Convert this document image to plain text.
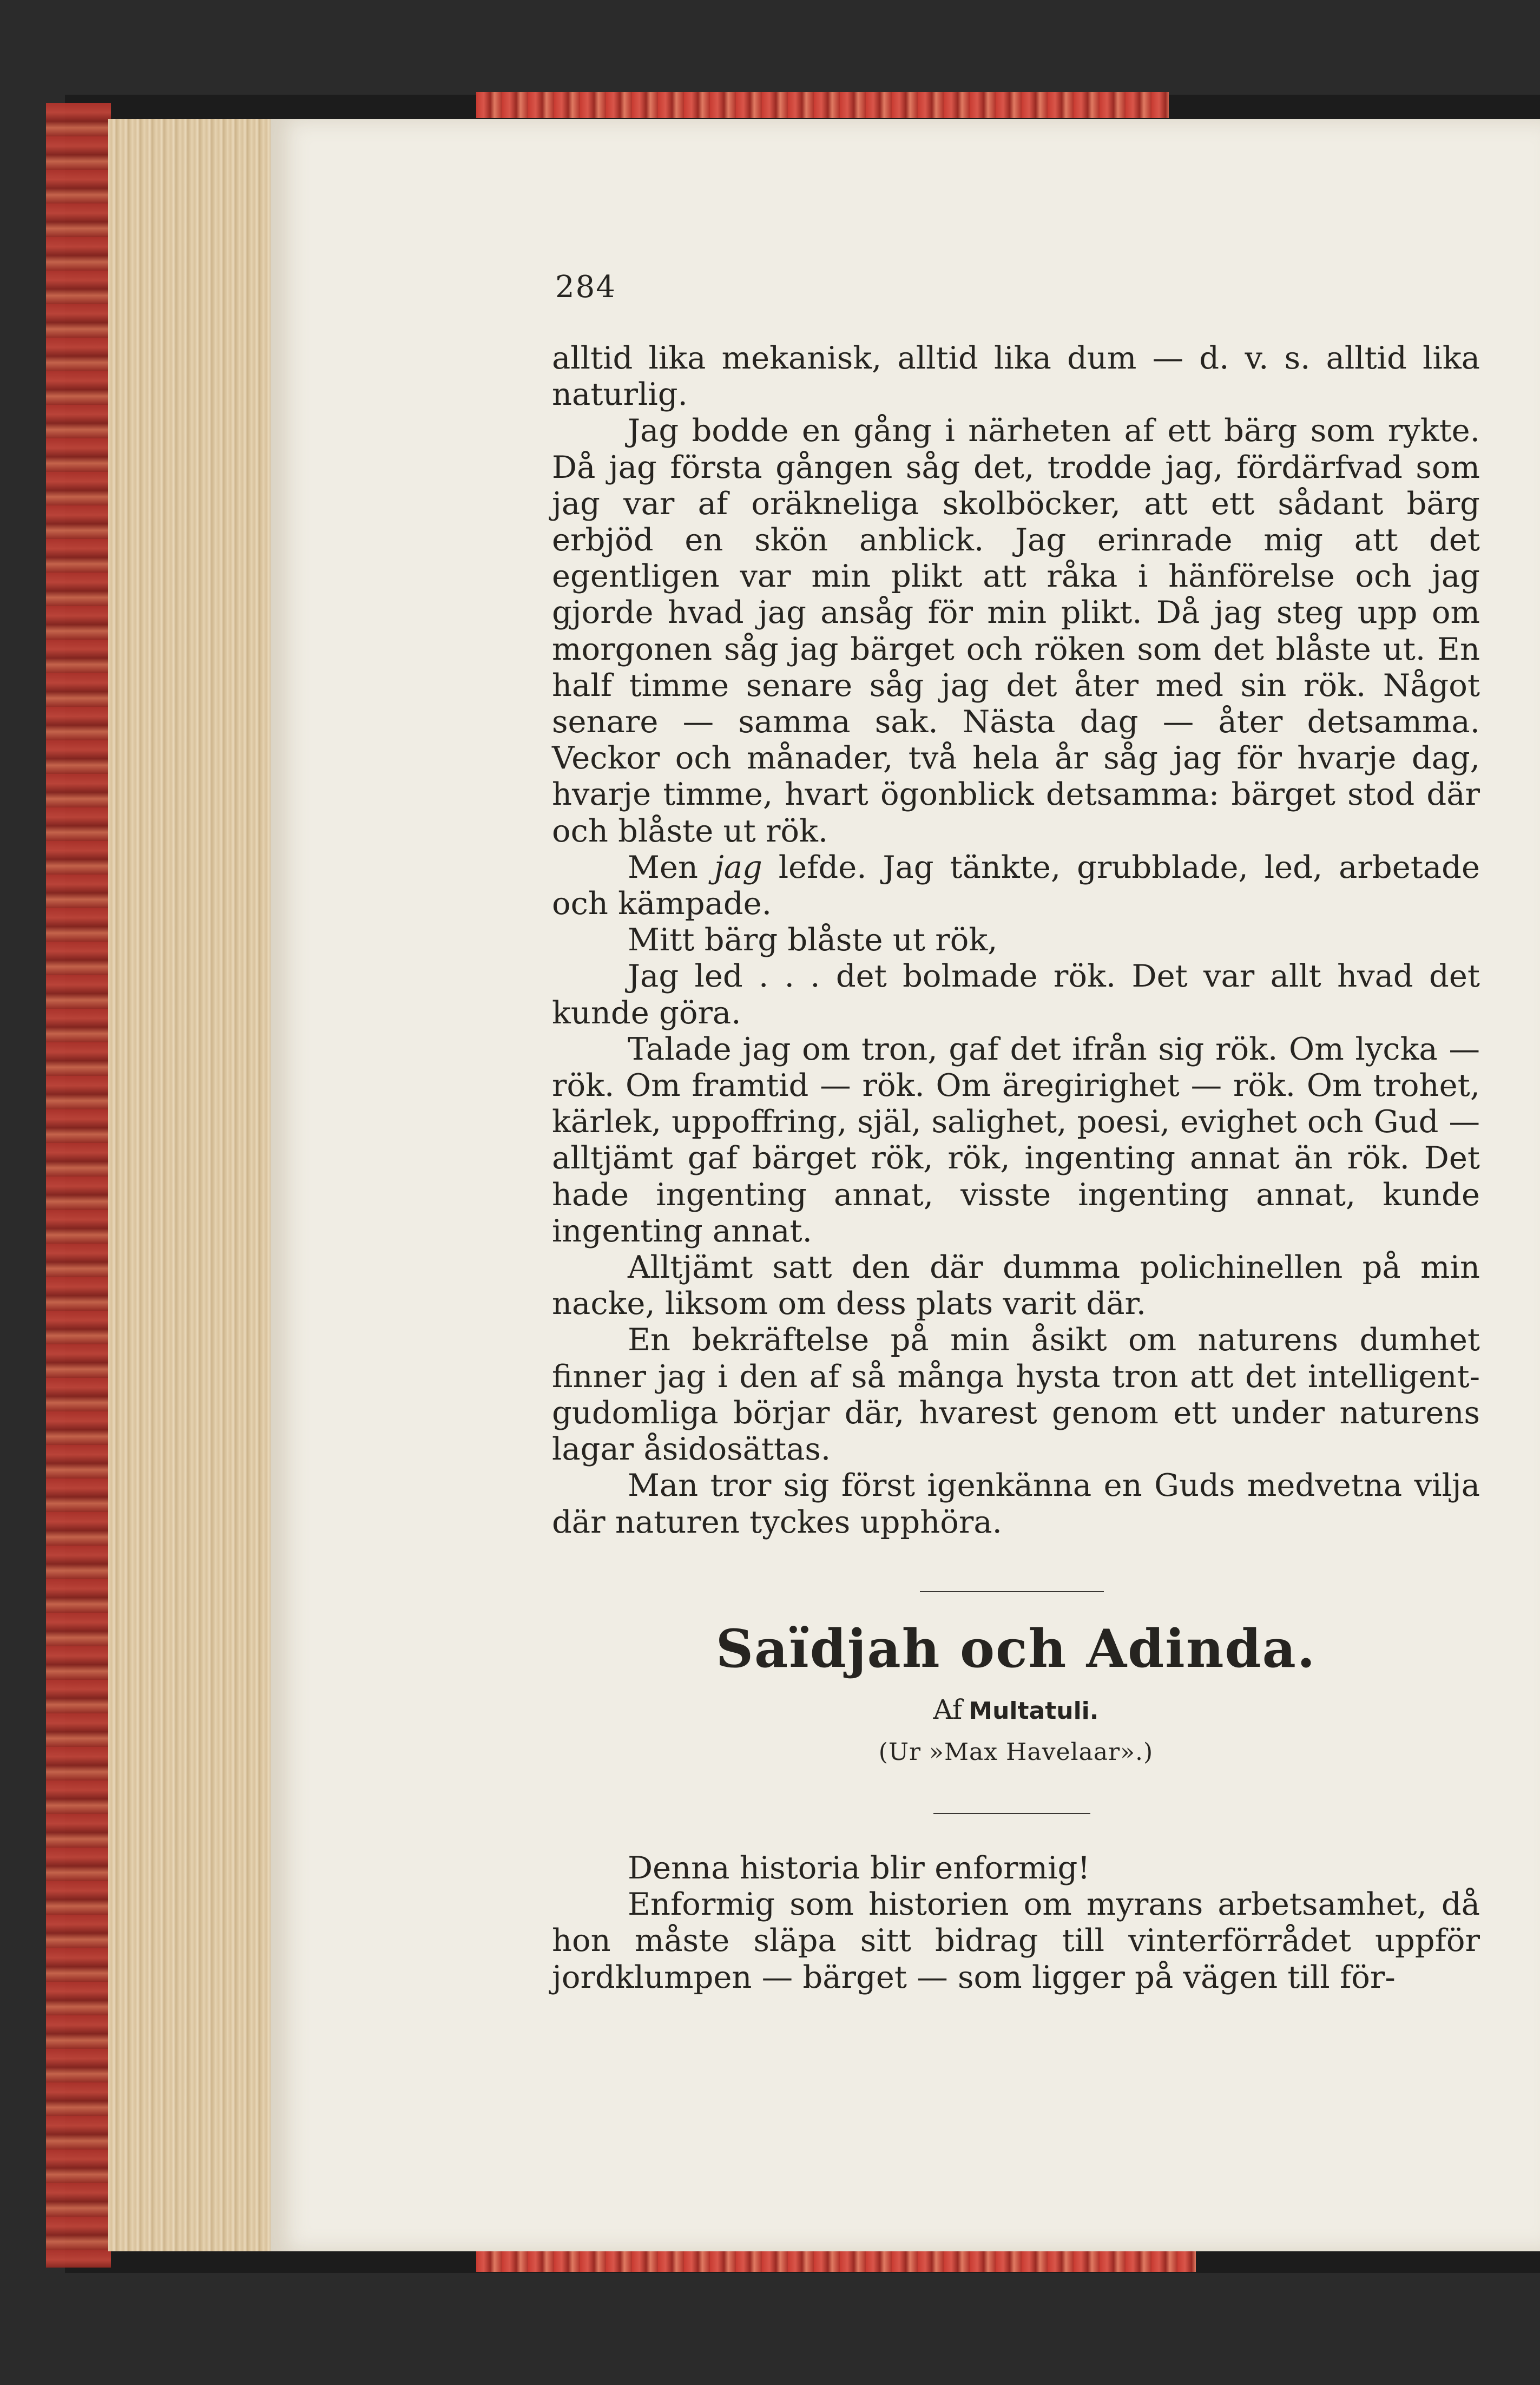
284

alltid lika mekanisk, alltid lika dum — d. v. s. alltid lika naturlig.

Jag bodde en gång i närheten af ett bärg som rykte. Då jag första gången såg det, trodde jag, fördärfvad som jag var af oräkneliga skolböcker, att ett sådant bärg erbjöd en skön anblick. Jag erinrade mig att det egentligen var min plikt att råka i hänförelse och jag gjorde hvad jag ansåg för min plikt. Då jag steg upp om morgonen såg jag bärget och röken som det blåste ut. En half timme senare såg jag det åter med sin rök. Något senare — samma sak. Nästa dag — åter detsamma. Veckor och månader, två hela år såg jag för hvarje dag, hvarje timme, hvart ögonblick detsamma: bärget stod där och blåste ut rök.

Men jag lefde. Jag tänkte, grubblade, led, arbetade och kämpade.

Mitt bärg blåste ut rök,

Jag led . . . det bolmade rök. Det var allt hvad det kunde göra.

Talade jag om tron, gaf det ifrån sig rök. Om lycka — rök. Om framtid — rök. Om äregirighet — rök. Om trohet, kärlek, uppoffring, själ, salighet, poesi, evighet och Gud — alltjämt gaf bärget rök, rök, ingenting annat än rök. Det hade ingenting annat, visste ingenting annat, kunde ingenting annat.

Alltjämt satt den där dumma polichinellen på min nacke, liksom om dess plats varit där.

En bekräftelse på min åsikt om naturens dumhet finner jag i den af så många hysta tron att det intelligent-gudomliga börjar där, hvarest genom ett under naturens lagar åsidosättas.

Man tror sig först igenkänna en Guds medvetna vilja där naturen tyckes upphöra.

Saïdjah och Adinda.
Af Multatuli.
(Ur »Max Havelaar».)

Denna historia blir enformig!

Enformig som historien om myrans arbetsamhet, då hon måste släpa sitt bidrag till vinterförrådet uppför jordklumpen — bärget — som ligger på vägen till för-
